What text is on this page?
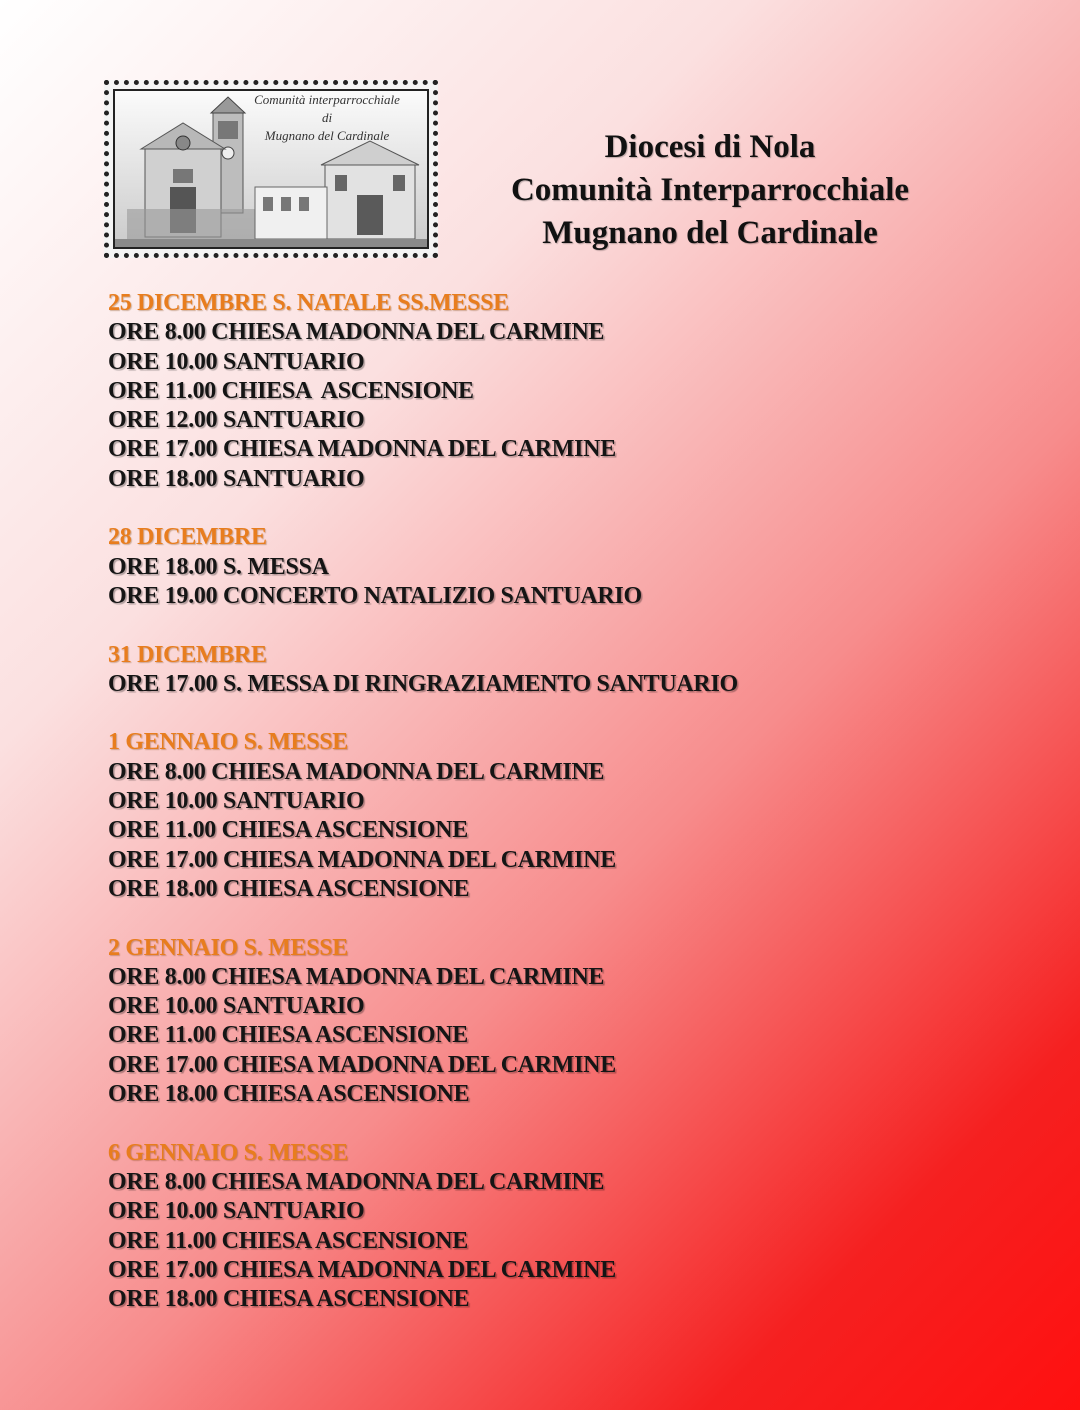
Comunità interparrocchiale
di
Mugnano del Cardinale	Diocesi di Nola
Comunità Interparrocchiale
Mugnano del Cardinale
25 DICEMBRE S. NATALE SS.MESSE
ORE 8.00 CHIESA MADONNA DEL CARMINE
ORE 10.00 SANTUARIO
ORE 11.00 CHIESA  ASCENSIONE
ORE 12.00 SANTUARIO
ORE 17.00 CHIESA MADONNA DEL CARMINE
ORE 18.00 SANTUARIO
28 DICEMBRE
ORE 18.00 S. MESSA
ORE 19.00 CONCERTO NATALIZIO SANTUARIO
31 DICEMBRE
ORE 17.00 S. MESSA DI RINGRAZIAMENTO SANTUARIO
1 GENNAIO S. MESSE
ORE 8.00 CHIESA MADONNA DEL CARMINE
ORE 10.00 SANTUARIO
ORE 11.00 CHIESA ASCENSIONE
ORE 17.00 CHIESA MADONNA DEL CARMINE
ORE 18.00 CHIESA ASCENSIONE
2 GENNAIO S. MESSE
ORE 8.00 CHIESA MADONNA DEL CARMINE
ORE 10.00 SANTUARIO
ORE 11.00 CHIESA ASCENSIONE
ORE 17.00 CHIESA MADONNA DEL CARMINE
ORE 18.00 CHIESA ASCENSIONE
6 GENNAIO S. MESSE
ORE 8.00 CHIESA MADONNA DEL CARMINE
ORE 10.00 SANTUARIO
ORE 11.00 CHIESA ASCENSIONE
ORE 17.00 CHIESA MADONNA DEL CARMINE
ORE 18.00 CHIESA ASCENSIONE
